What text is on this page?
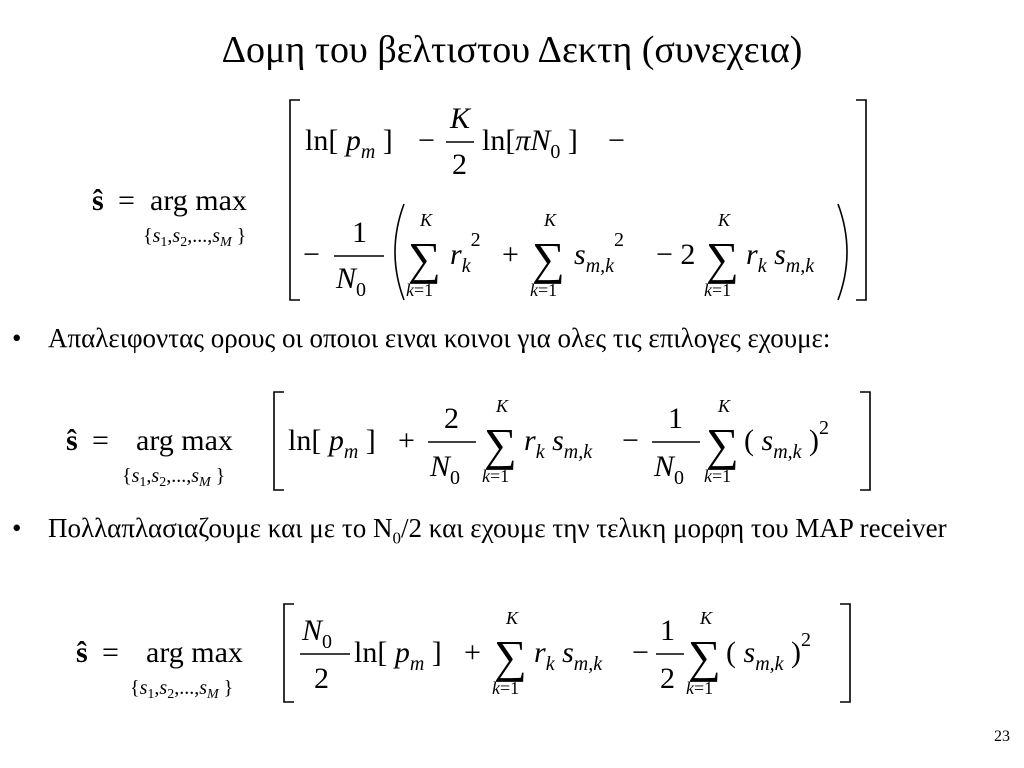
Δομη του βελτιστου Δεκτη (συνεχεια)
ŝ = arg max
{$s_1,s_2,...,s_M$ }
ln[ $p_m$ ] −
K
2
$\ln[\pi N_0$ ] −
−
1
$N_0$
K
∑
k=1
$r_k^2$ +
K
∑
k=1
$s_{m,k}^2 - 2$
K
∑
k=1
$r_k$ $s_{m,k}$
• Απαλειφοντας ορους οι οποιοι ειναι κοινοι για ολες τις επιλογες εχουμε:
ŝ = arg max
{$s_1,s_2,...,s_M$ }
ln[ $p_m$ ] +
2
$N_0$
K
∑
k=1
$r_k$ $s_{m,k}$ −
1
$N_0$
K
∑
k=1
( $s_{m,k}$ )$^2$
• Πολλαπλασιαζουμε και με το $N_0/2$ και εχουμε την τελικη μορφη του MAP receiver
ŝ = arg max
{$s_1,s_2,...,s_M$ }
$N_0$
2
ln[ $p_m$ ] +
K
∑
k=1
$r_k$ $s_{m,k}$ −
1
2
K
∑
k=1
( $s_{m,k}$ )$^2$
23
